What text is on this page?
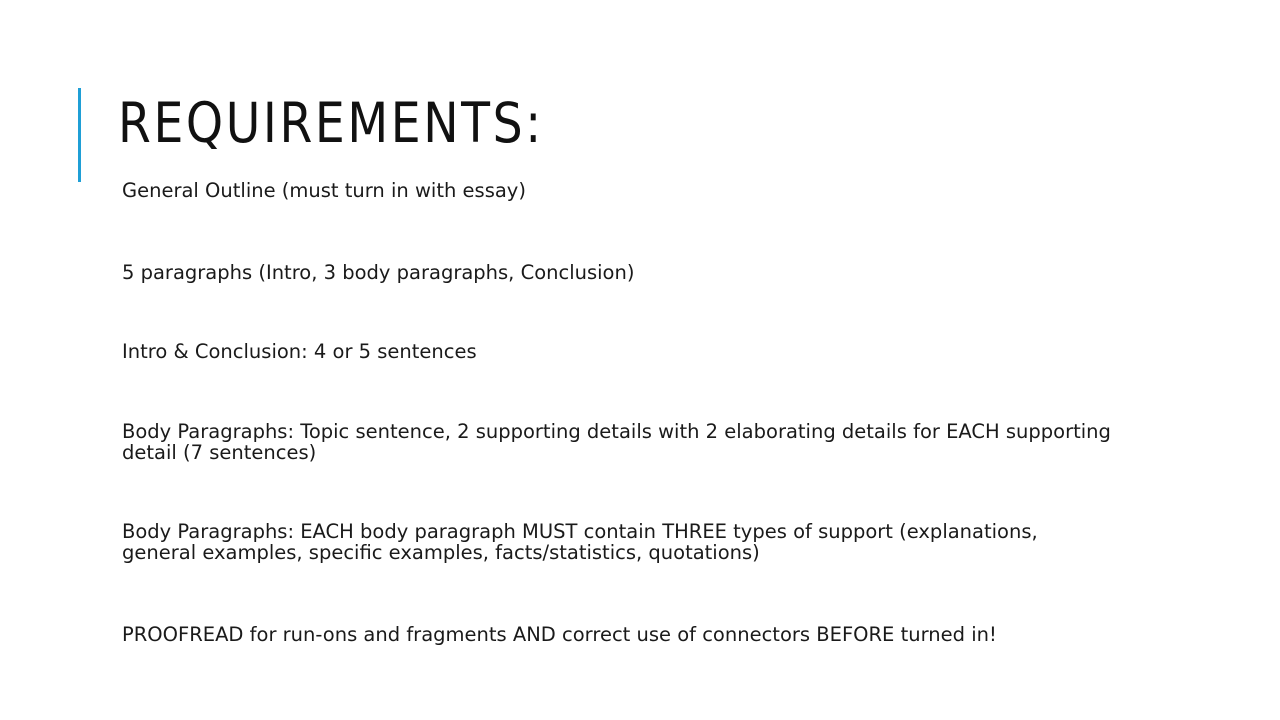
REQUIREMENTS:
General Outline (must turn in with essay)
5 paragraphs (Intro, 3 body paragraphs, Conclusion)
Intro & Conclusion: 4 or 5 sentences
Body Paragraphs: Topic sentence, 2 supporting details with 2 elaborating details for EACH supporting detail (7 sentences)
Body Paragraphs: EACH body paragraph MUST contain THREE types of support (explanations, general examples, specific examples, facts/statistics, quotations)
PROOFREAD for run-ons and fragments AND correct use of connectors BEFORE turned in!
